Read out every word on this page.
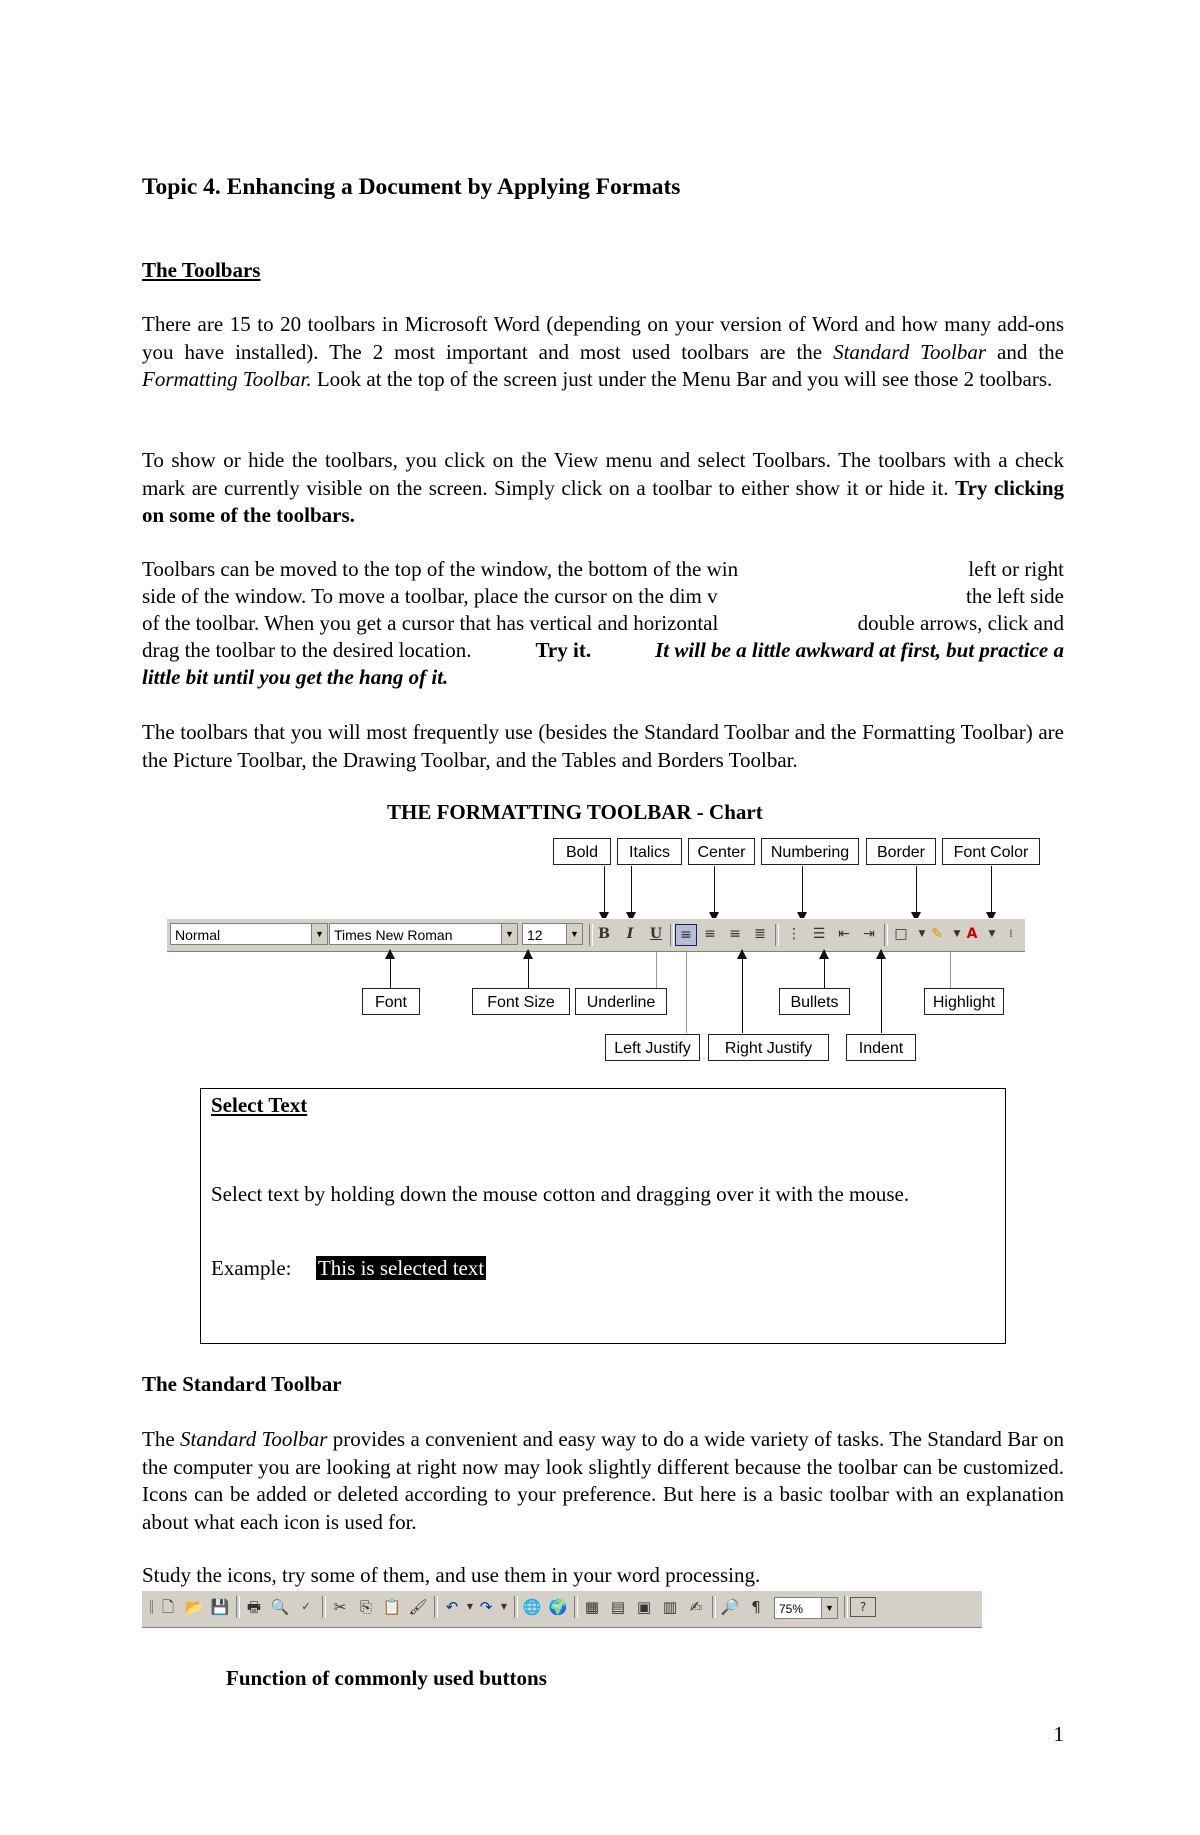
Topic 4. Enhancing a Document by Applying Formats
The Toolbars
There are 15 to 20 toolbars in Microsoft Word (depending on your version of Word and how many add-ons you have installed). The 2 most important and most used toolbars are the Standard Toolbar and the Formatting Toolbar. Look at the top of the screen just under the Menu Bar and you will see those 2 toolbars.
To show or hide the toolbars, you click on the View menu and select Toolbars. The toolbars with a check mark are currently visible on the screen. Simply click on a toolbar to either show it or hide it. Try clicking on some of the toolbars.
Toolbars can be moved to the top of the window, the bottom of the win	left or right
side of the window. To move a toolbar, place the cursor on the dim v	the left side
of the toolbar. When you get a cursor that has vertical and horizontal	double arrows, click and
drag the toolbar to the desired location.	Try it.	It will be a little awkward at first, but practice a
little bit until you get the hang of it.
The toolbars that you will most frequently use (besides the Standard Toolbar and the Formatting Toolbar) are the Picture Toolbar, the Drawing Toolbar, and the Tables and Borders Toolbar.
THE FORMATTING TOOLBAR - Chart
Bold	Italics	Center	Numbering	Border	Font Color
Normal	▼ Times New Roman	▼ 12	▼ B	I	U	≡ ≡ ≡ ≣ ⋮ ☰ ⇤ ⇥ □	▼ ✎	▼ A	▼	⁞
Font	Font Size	Underline	Bullets	Highlight
Left Justify	Right Justify	Indent
Select Text
Select text by holding down the mouse cotton and dragging over it with the mouse.
Example: This is selected text
The Standard Toolbar
The Standard Toolbar provides a convenient and easy way to do a wide variety of tasks. The Standard Bar on the computer you are looking at right now may look slightly different because the toolbar can be customized. Icons can be added or deleted according to your preference. But here is a basic toolbar with an explanation about what each icon is used for.
Study the icons, try some of them, and use them in your word processing.
║ 🗋 📂 💾	🖶 🔍	✓	✂ ⎘ 📋 🖌	↶	▼ ↷	▼	🌐 🌍	▦ ▤ ▣ ▥ ✍	🔎 ¶	75%	▼	?
Function of commonly used buttons
1
